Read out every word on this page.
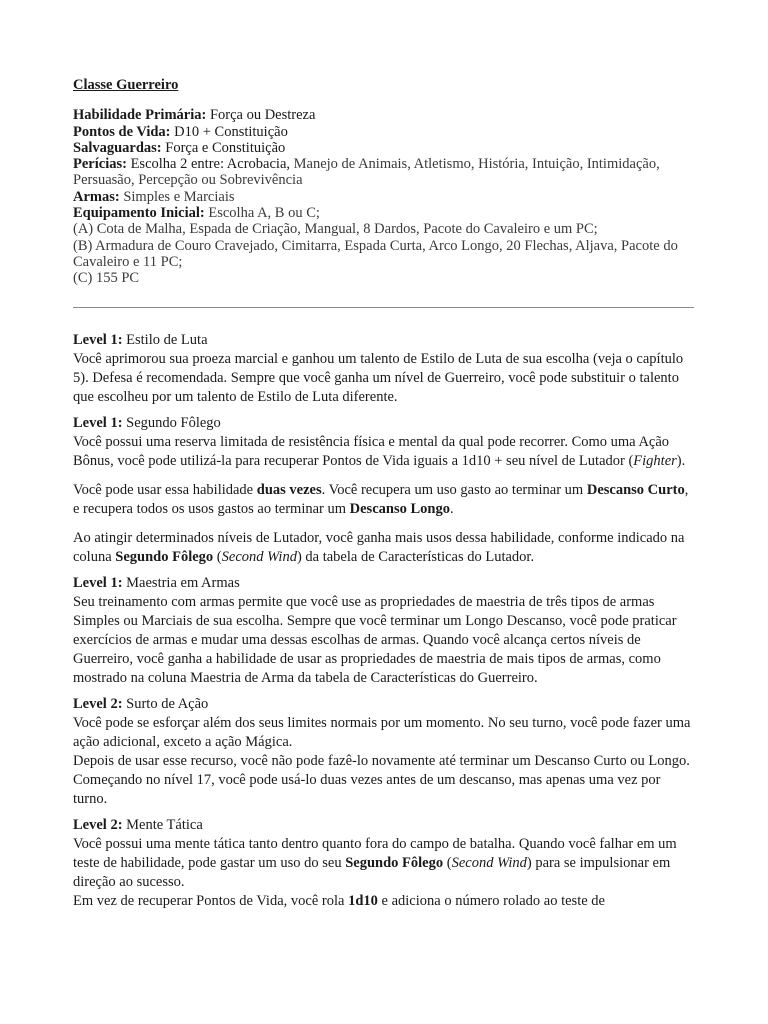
Classe Guerreiro
Habilidade Primária: Força ou Destreza
Pontos de Vida: D10 + Constituição
Salvaguardas: Força e Constituição
Perícias: Escolha 2 entre: Acrobacia, Manejo de Animais, Atletismo, História, Intuição, Intimidação, Persuasão, Percepção ou Sobrevivência
Armas: Simples e Marciais
Equipamento Inicial: Escolha A, B ou C;
(A) Cota de Malha, Espada de Criação, Mangual, 8 Dardos, Pacote do Cavaleiro e um PC;
(B) Armadura de Couro Cravejado, Cimitarra, Espada Curta, Arco Longo, 20 Flechas, Aljava, Pacote do Cavaleiro e 11 PC;
(C) 155 PC
Level 1: Estilo de Luta
Você aprimorou sua proeza marcial e ganhou um talento de Estilo de Luta de sua escolha (veja o capítulo 5). Defesa é recomendada. Sempre que você ganha um nível de Guerreiro, você pode substituir o talento que escolheu por um talento de Estilo de Luta diferente.
Level 1: Segundo Fôlego
Você possui uma reserva limitada de resistência física e mental da qual pode recorrer. Como uma Ação Bônus, você pode utilizá-la para recuperar Pontos de Vida iguais a 1d10 + seu nível de Lutador (Fighter).
Você pode usar essa habilidade duas vezes. Você recupera um uso gasto ao terminar um Descanso Curto, e recupera todos os usos gastos ao terminar um Descanso Longo.
Ao atingir determinados níveis de Lutador, você ganha mais usos dessa habilidade, conforme indicado na coluna Segundo Fôlego (Second Wind) da tabela de Características do Lutador.
Level 1: Maestria em Armas
Seu treinamento com armas permite que você use as propriedades de maestria de três tipos de armas Simples ou Marciais de sua escolha. Sempre que você terminar um Longo Descanso, você pode praticar exercícios de armas e mudar uma dessas escolhas de armas. Quando você alcança certos níveis de Guerreiro, você ganha a habilidade de usar as propriedades de maestria de mais tipos de armas, como mostrado na coluna Maestria de Arma da tabela de Características do Guerreiro.
Level 2: Surto de Ação
Você pode se esforçar além dos seus limites normais por um momento. No seu turno, você pode fazer uma ação adicional, exceto a ação Mágica.
Depois de usar esse recurso, você não pode fazê-lo novamente até terminar um Descanso Curto ou Longo. Começando no nível 17, você pode usá-lo duas vezes antes de um descanso, mas apenas uma vez por turno.
Level 2: Mente Tática
Você possui uma mente tática tanto dentro quanto fora do campo de batalha. Quando você falhar em um teste de habilidade, pode gastar um uso do seu Segundo Fôlego (Second Wind) para se impulsionar em direção ao sucesso.
Em vez de recuperar Pontos de Vida, você rola 1d10 e adiciona o número rolado ao teste de
